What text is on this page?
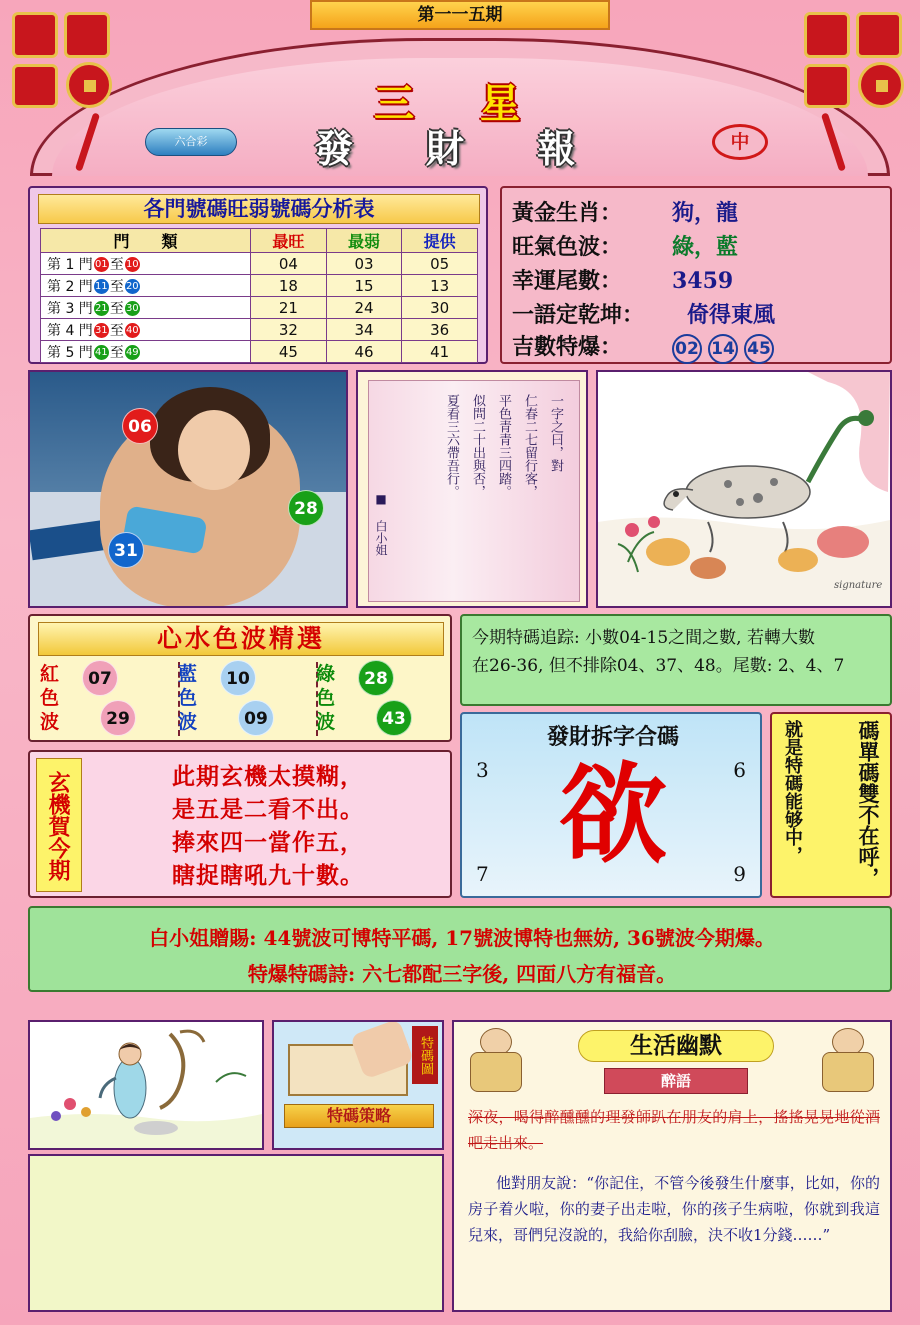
第一一五期
三 星
發 財 報
六合彩	中
各門號碼旺弱號碼分析表
門　　類	最旺	最弱	提供
第 1 門 01 至 10	04	03	05
第 2 門 11 至 20	18	15	13
第 3 門 21 至 30	21	24	30
第 4 門 31 至 40	32	34	36
第 5 門 41 至 49	45	46	41
黃金生肖： 狗，龍
旺氣色波： 綠，藍
幸運尾數： 3459
一語定乾坤： 倚得東風
吉數特爆：	02 14 45
06
28
31
一字之曰，對
仁春二七留行客，
平色青青三四踏。
似問二十出與否，
夏看三六帶吾行。
■ 白小姐
signature
心水色波精選
紅色波
07
29
藍色波
10
09
綠色波
28
43

今期特碼追踪: 小數04-15之間之數, 若轉大數

在26-36, 但不排除04、37、48。尾數: 2、4、7

發財拆字合碼
3	6
7	9
欲	碼單碼雙不在呼，
就是特碼能够中，
玄機賀今期	此期玄機太摸糊，
是五是二看不出。
捧來四一當作五，
瞎捉瞎吼九十數。
白小姐贈賜: 44號波可博特平碼, 17號波博特也無妨, 36號波今期爆。
特爆特碼詩: 六七都配三字後, 四面八方有福音。
特碼圖
特碼策略
生活幽默
醉語
深夜，喝得醉醺醺的理發師趴在朋友的肩上，搖搖晃晃地從酒吧走出來。
他對朋友說：“你記住，不管今後發生什麼事，比如，你的房子着火啦，你的妻子出走啦，你的孩子生病啦，你就到我這兒來，哥們兒沒說的，我給你刮臉，決不收1分錢……”
